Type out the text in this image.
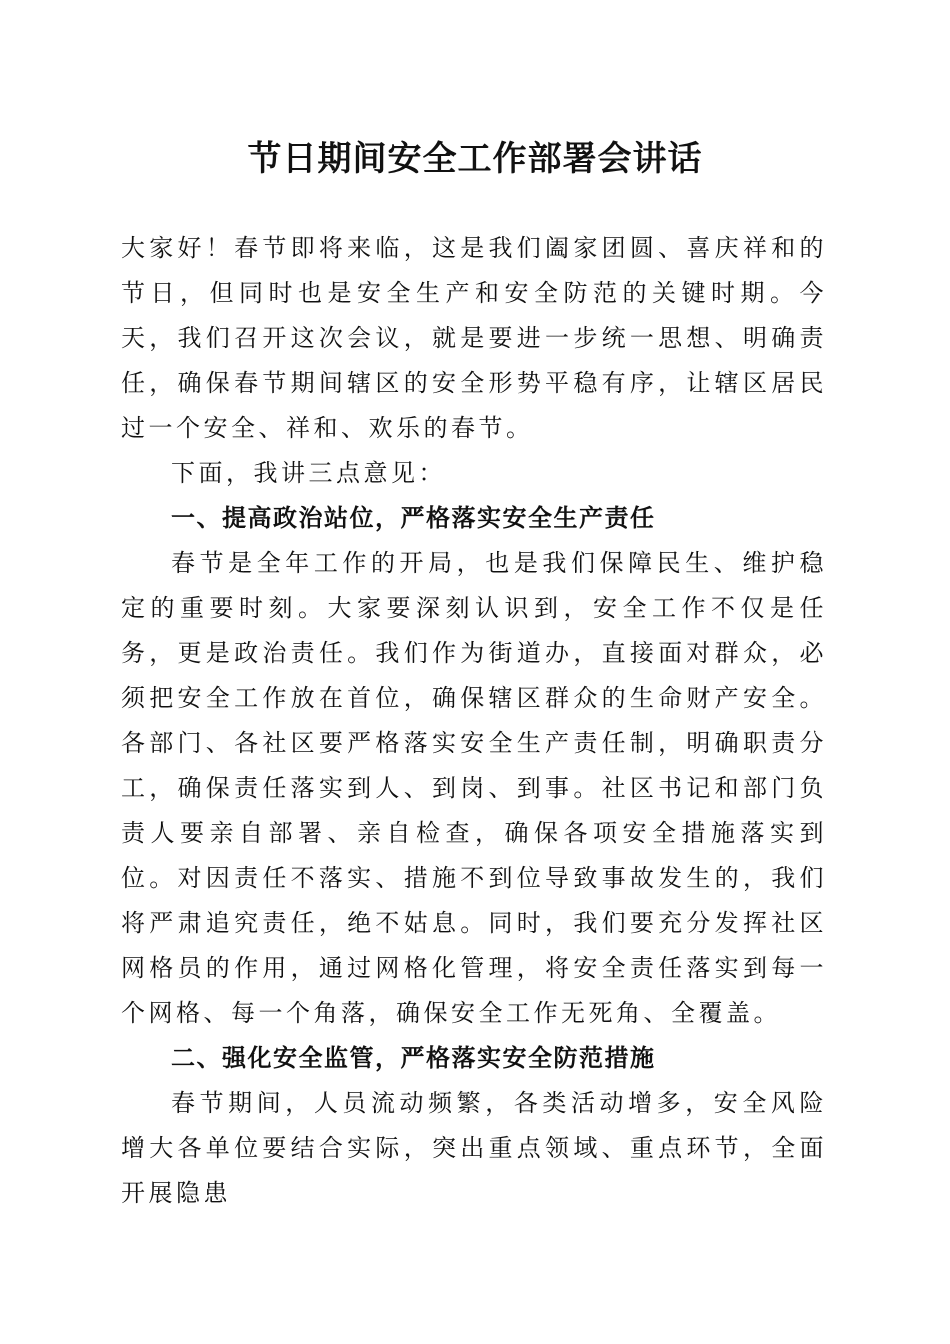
节日期间安全工作部署会讲话

大家好！春节即将来临，这是我们阖家团圆、喜庆祥和的节日，但同时也是安全生产和安全防范的关键时期。今天，我们召开这次会议，就是要进一步统一思想、明确责任，确保春节期间辖区的安全形势平稳有序，让辖区居民过一个安全、祥和、欢乐的春节。

下面，我讲三点意见：

一、提高政治站位，严格落实安全生产责任

春节是全年工作的开局，也是我们保障民生、维护稳定的重要时刻。大家要深刻认识到，安全工作不仅是任务，更是政治责任。我们作为街道办，直接面对群众，必须把安全工作放在首位，确保辖区群众的生命财产安全。各部门、各社区要严格落实安全生产责任制，明确职责分工，确保责任落实到人、到岗、到事。社区书记和部门负责人要亲自部署、亲自检查，确保各项安全措施落实到位。对因责任不落实、措施不到位导致事故发生的，我们将严肃追究责任，绝不姑息。同时，我们要充分发挥社区网格员的作用，通过网格化管理，将安全责任落实到每一个网格、每一个角落，确保安全工作无死角、全覆盖。

二、强化安全监管，严格落实安全防范措施

春节期间，人员流动频繁，各类活动增多，安全风险增大各单位要结合实际，突出重点领域、重点环节，全面开展隐患
